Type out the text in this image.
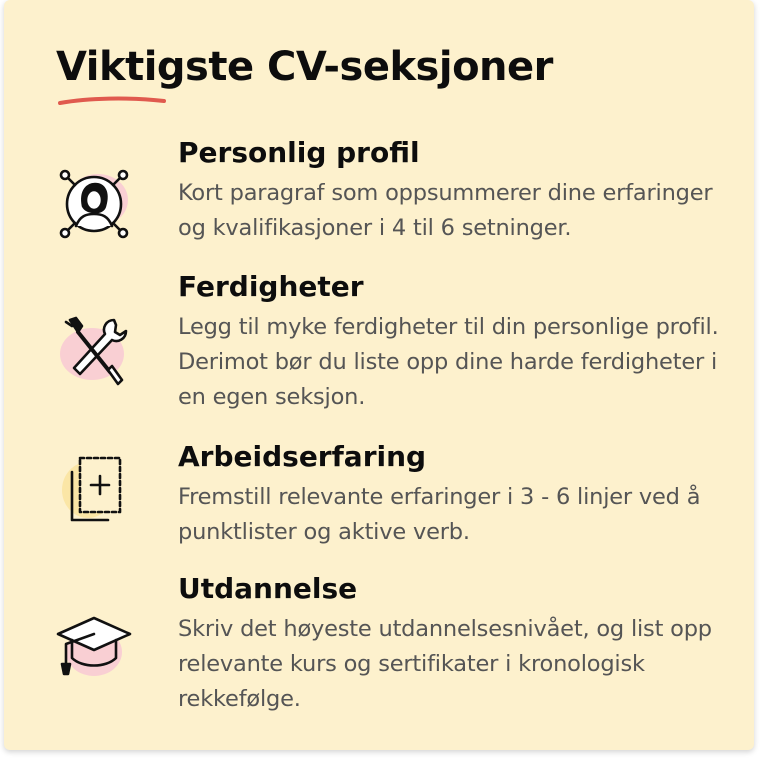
Viktigste CV-seksjoner
Personlig profil

Kort paragraf som oppsummerer dine erfaringer og kvalifikasjoner i 4 til 6 setninger.

Ferdigheter

Legg til myke ferdigheter til din personlige profil. Derimot bør du liste opp dine harde ferdigheter i en egen seksjon.

Arbeidserfaring

Fremstill relevante erfaringer i 3 - 6 linjer ved å punktlister og aktive verb.

Utdannelse

Skriv det høyeste utdannelsesnivået, og list opp relevante kurs og sertifikater i kronologisk rekkefølge.
